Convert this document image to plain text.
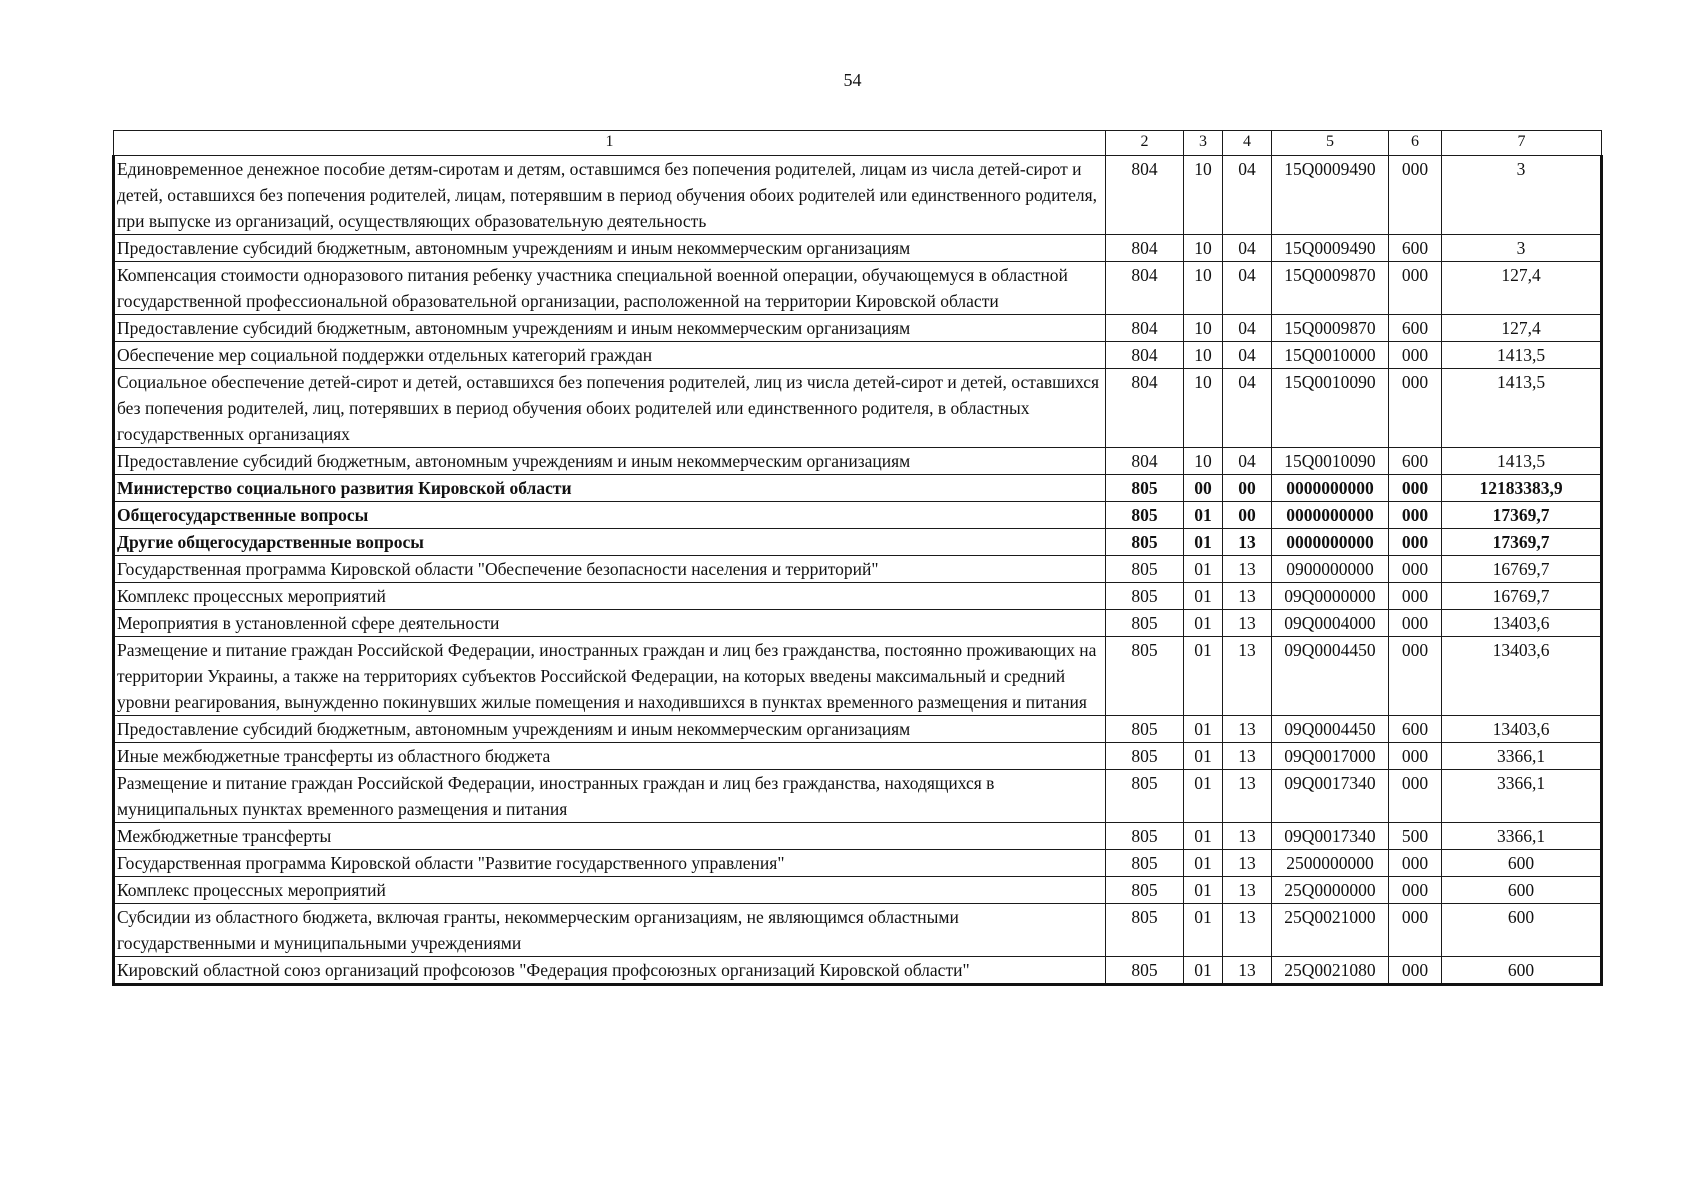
54
1	2	3	4	5	6	7
Единовременное денежное пособие детям-сиротам и детям, оставшимся без попечения родителей, лицам из числа детей-сирот и детей, оставшихся без попечения родителей, лицам, потерявшим в период обучения обоих родителей или единственного родителя, при выпуске из организаций, осуществляющих образовательную деятельность	804	10	04	15Q0009490	000	3
Предоставление субсидий бюджетным, автономным учреждениям и иным некоммерческим организациям	804	10	04	15Q0009490	600	3
Компенсация стоимости одноразового питания ребенку участника специальной военной операции, обучающемуся в областной государственной профессиональной образовательной организации, расположенной на территории Кировской области	804	10	04	15Q0009870	000	127,4
Предоставление субсидий бюджетным, автономным учреждениям и иным некоммерческим организациям	804	10	04	15Q0009870	600	127,4
Обеспечение мер социальной поддержки отдельных категорий граждан	804	10	04	15Q0010000	000	1413,5
Социальное обеспечение детей-сирот и детей, оставшихся без попечения родителей, лиц из числа детей-сирот и детей, оставшихся без попечения родителей, лиц, потерявших в период обучения обоих родителей или единственного родителя, в областных государственных организациях	804	10	04	15Q0010090	000	1413,5
Предоставление субсидий бюджетным, автономным учреждениям и иным некоммерческим организациям	804	10	04	15Q0010090	600	1413,5
Министерство социального развития Кировской области	805	00	00	0000000000	000	12183383,9
Общегосударственные вопросы	805	01	00	0000000000	000	17369,7
Другие общегосударственные вопросы	805	01	13	0000000000	000	17369,7
Государственная программа Кировской области "Обеспечение безопасности населения и территорий"	805	01	13	0900000000	000	16769,7
Комплекс процессных мероприятий	805	01	13	09Q0000000	000	16769,7
Мероприятия в установленной сфере деятельности	805	01	13	09Q0004000	000	13403,6
Размещение и питание граждан Российской Федерации, иностранных граждан и лиц без гражданства, постоянно проживающих на территории Украины, а также на территориях субъектов Российской Федерации, на которых введены максимальный и средний уровни реагирования, вынужденно покинувших жилые помещения и находившихся в пунктах временного размещения и питания	805	01	13	09Q0004450	000	13403,6
Предоставление субсидий бюджетным, автономным учреждениям и иным некоммерческим организациям	805	01	13	09Q0004450	600	13403,6
Иные межбюджетные трансферты из областного бюджета	805	01	13	09Q0017000	000	3366,1
Размещение и питание граждан Российской Федерации, иностранных граждан и лиц без гражданства, находящихся в муниципальных пунктах временного размещения и питания	805	01	13	09Q0017340	000	3366,1
Межбюджетные трансферты	805	01	13	09Q0017340	500	3366,1
Государственная программа Кировской области "Развитие государственного управления"	805	01	13	2500000000	000	600
Комплекс процессных мероприятий	805	01	13	25Q0000000	000	600
Субсидии из областного бюджета, включая гранты, некоммерческим организациям, не являющимся областными государственными и муниципальными учреждениями	805	01	13	25Q0021000	000	600
Кировский областной союз организаций профсоюзов "Федерация профсоюзных организаций Кировской области"	805	01	13	25Q0021080	000	600
